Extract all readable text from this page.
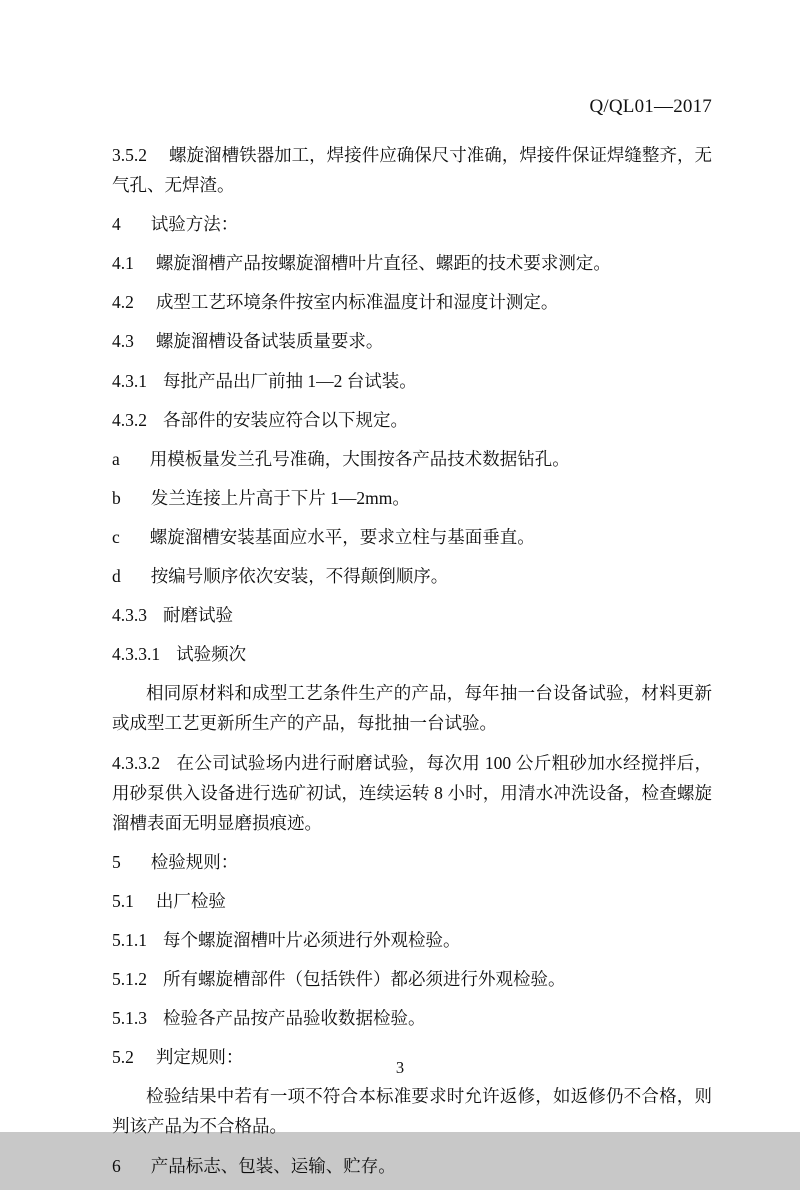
Q/QL01—2017
3.5.2 螺旋溜槽铁器加工，焊接件应确保尺寸准确，焊接件保证焊缝整齐，无气孔、无焊渣。
4 试验方法：
4.1 螺旋溜槽产品按螺旋溜槽叶片直径、螺距的技术要求测定。
4.2 成型工艺环境条件按室内标准温度计和湿度计测定。
4.3 螺旋溜槽设备试装质量要求。
4.3.1 每批产品出厂前抽 1—2 台试装。
4.3.2 各部件的安装应符合以下规定。
a 用模板量发兰孔号准确，大围按各产品技术数据钻孔。
b 发兰连接上片高于下片 1—2mm。
c 螺旋溜槽安装基面应水平，要求立柱与基面垂直。
d 按编号顺序依次安装，不得颠倒顺序。
4.3.3 耐磨试验
4.3.3.1 试验频次
相同原材料和成型工艺条件生产的产品，每年抽一台设备试验，材料更新或成型工艺更新所生产的产品，每批抽一台试验。
4.3.3.2 在公司试验场内进行耐磨试验，每次用 100 公斤粗砂加水经搅拌后，用砂泵供入设备进行选矿初试，连续运转 8 小时，用清水冲洗设备，检查螺旋溜槽表面无明显磨损痕迹。
5 检验规则：
5.1 出厂检验
5.1.1 每个螺旋溜槽叶片必须进行外观检验。
5.1.2 所有螺旋槽部件（包括铁件）都必须进行外观检验。
5.1.3 检验各产品按产品验收数据检验。
5.2 判定规则：
检验结果中若有一项不符合本标准要求时允许返修，如返修仍不合格，则判该产品为不合格品。
6 产品标志、包装、运输、贮存。
3
